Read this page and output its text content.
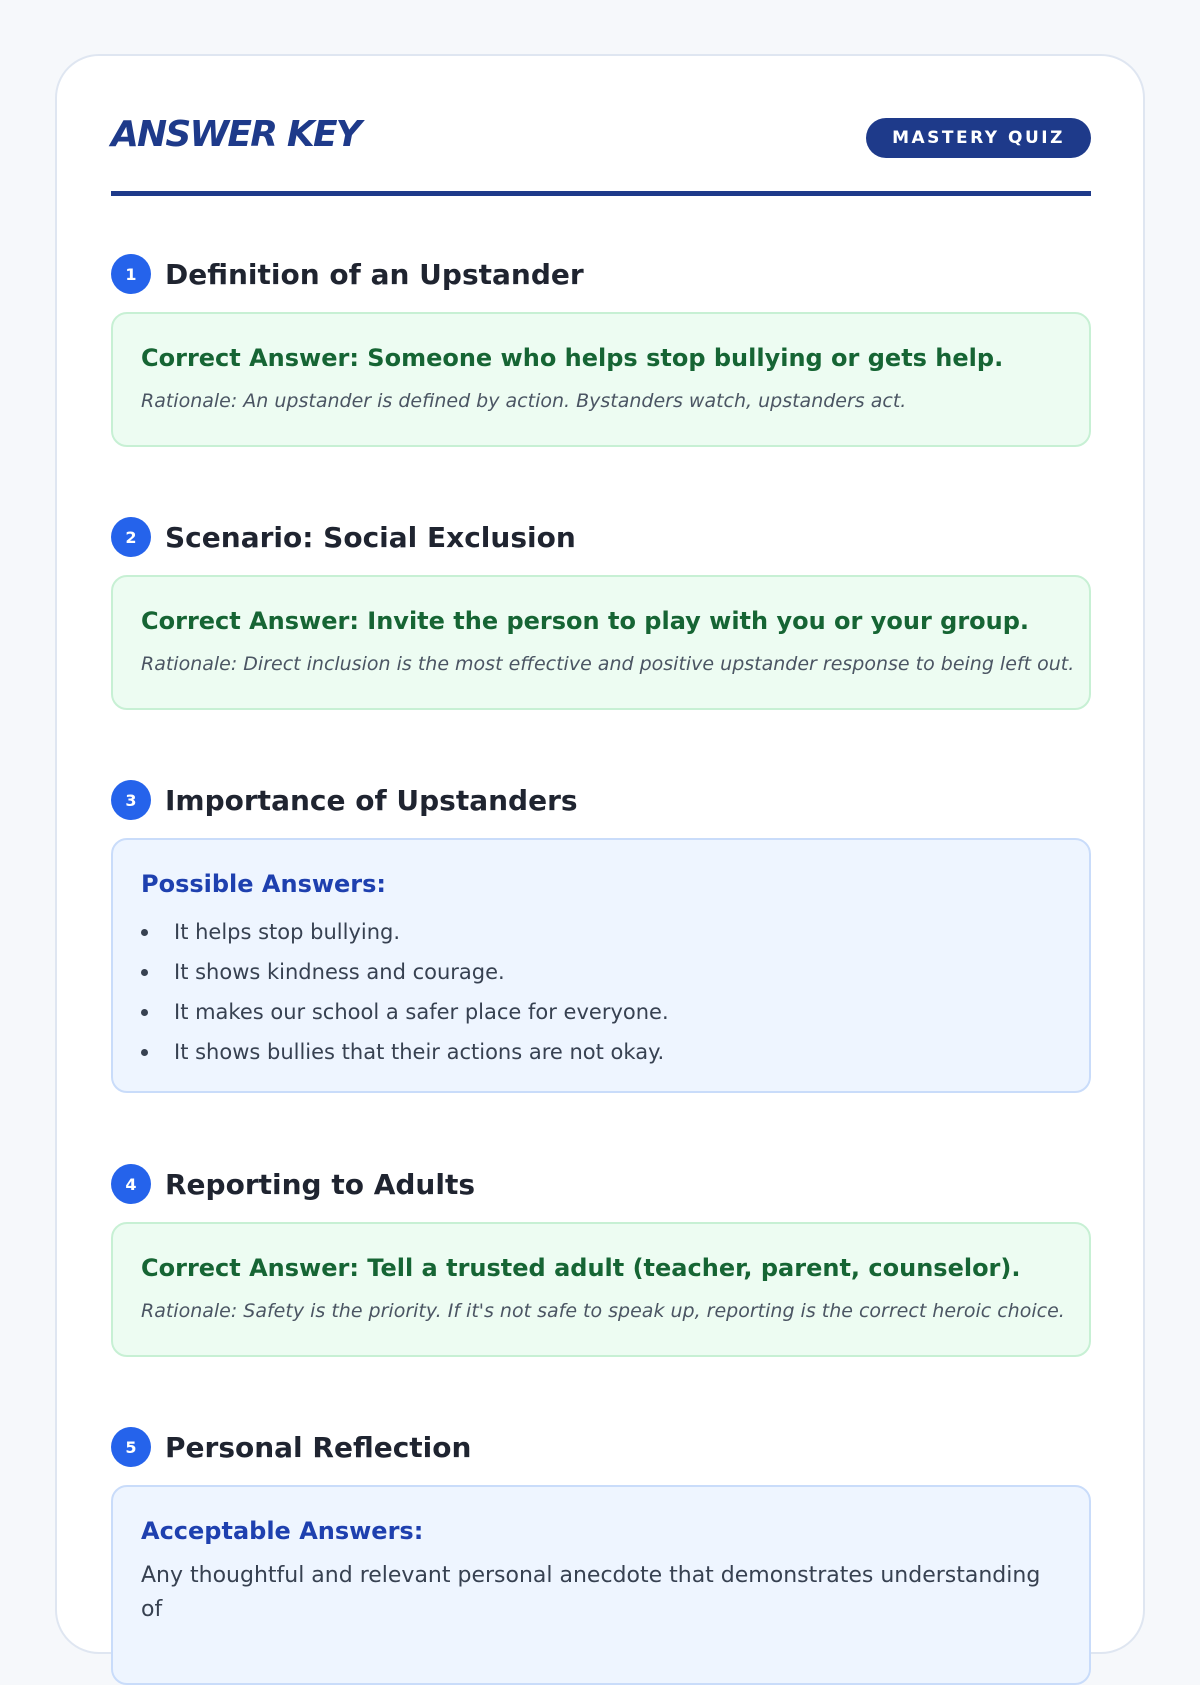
ANSWER KEY	MASTERY QUIZ
1	Definition of an Upstander
Correct Answer: Someone who helps stop bullying or gets help.
Rationale: An upstander is defined by action. Bystanders watch, upstanders act.
2	Scenario: Social Exclusion
Correct Answer: Invite the person to play with you or your group.
Rationale: Direct inclusion is the most effective and positive upstander response to being left out.
3	Importance of Upstanders
Possible Answers:
It helps stop bullying.
It shows kindness and courage.
It makes our school a safer place for everyone.
It shows bullies that their actions are not okay.
4	Reporting to Adults
Correct Answer: Tell a trusted adult (teacher, parent, counselor).
Rationale: Safety is the priority. If it's not safe to speak up, reporting is the correct heroic choice.
5	Personal Reflection
Acceptable Answers:
Any thoughtful and relevant personal anecdote that demonstrates understanding of
